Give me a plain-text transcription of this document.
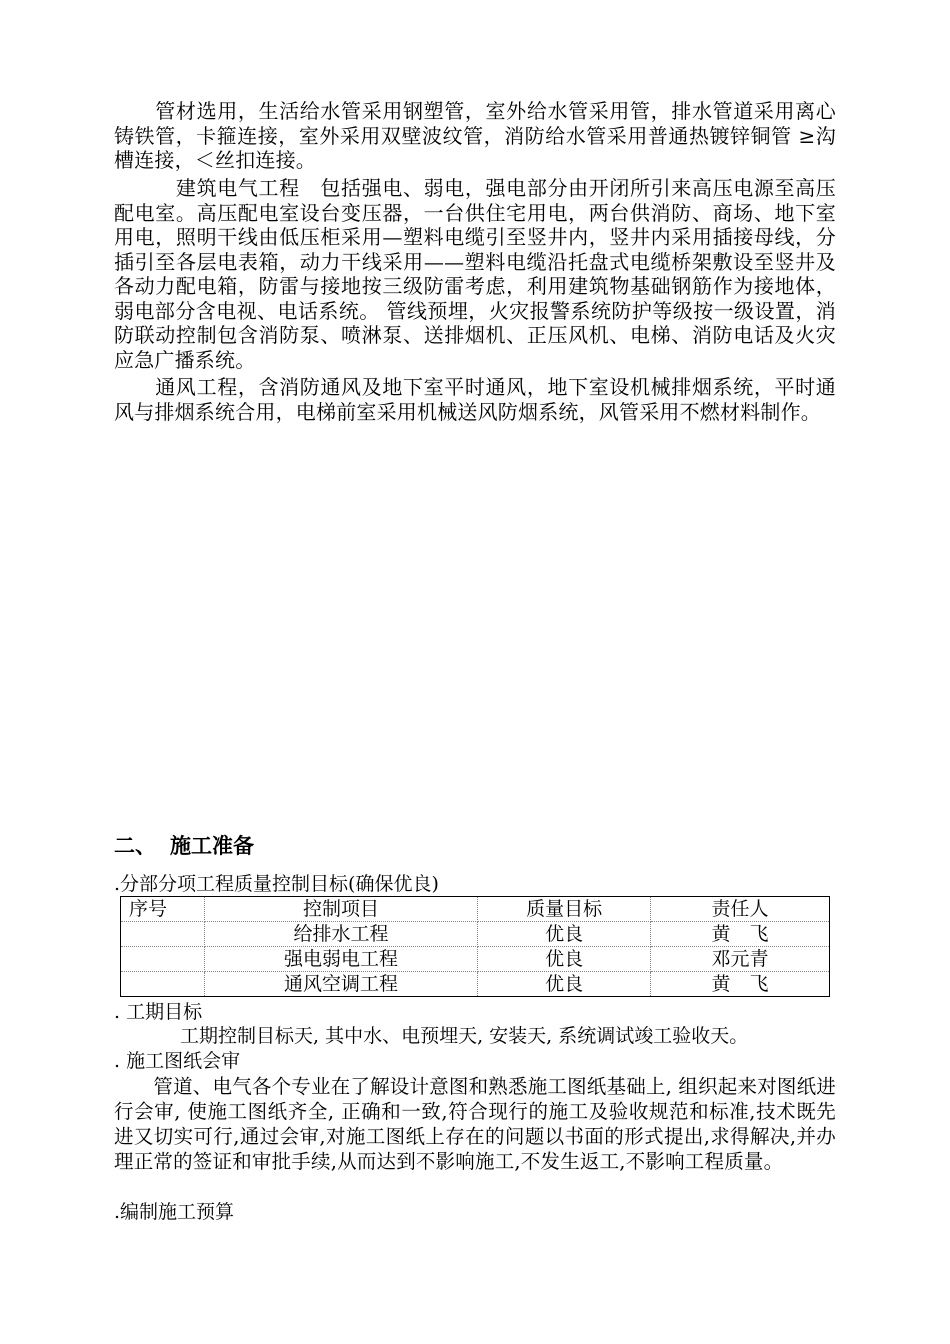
　　管材选用，生活给水管采用钢塑管，室外给水管采用管，排水管道采用离心铸铁管，卡箍连接，室外采用双壁波纹管，消防给水管采用普通热镀锌铜管 ≥沟槽连接，＜丝扣连接。

　　　建筑电气工程　包括强电、弱电，强电部分由开闭所引来高压电源至高压配电室。高压配电室设台变压器，一台供住宅用电，两台供消防、商场、地下室用电，照明干线由低压柜采用—塑料电缆引至竖井内，竖井内采用插接母线，分插引至各层电表箱，动力干线采用——塑料电缆沿托盘式电缆桥架敷设至竖井及各动力配电箱，防雷与接地按三级防雷考虑，利用建筑物基础钢筋作为接地体，弱电部分含电视、电话系统。 管线预埋，火灾报警系统防护等级按一级设置，消防联动控制包含消防泵、喷淋泵、送排烟机、正压风机、电梯、消防电话及火灾应急广播系统。

　　通风工程，含消防通风及地下室平时通风，地下室设机械排烟系统，平时通风与排烟系统合用，电梯前室采用机械送风防烟系统，风管采用不燃材料制作。

二、 施工准备

.分部分项工程质量控制目标(确保优良)

序号	控制项目	质量目标	责任人
	给排水工程	优良	黄　飞
	强电弱电工程	优良	邓元青
	通风空调工程	优良	黄　飞

. 工期目标

工期控制目标天, 其中水、电预埋天, 安装天, 系统调试竣工验收天。

. 施工图纸会审

　　管道、电气各个专业在了解设计意图和熟悉施工图纸基础上, 组织起来对图纸进行会审, 使施工图纸齐全, 正确和一致,符合现行的施工及验收规范和标准,技术既先进又切实可行,通过会审,对施工图纸上存在的问题以书面的形式提出,求得解决,并办理正常的签证和审批手续,从而达到不影响施工,不发生返工,不影响工程质量。

.编制施工预算
